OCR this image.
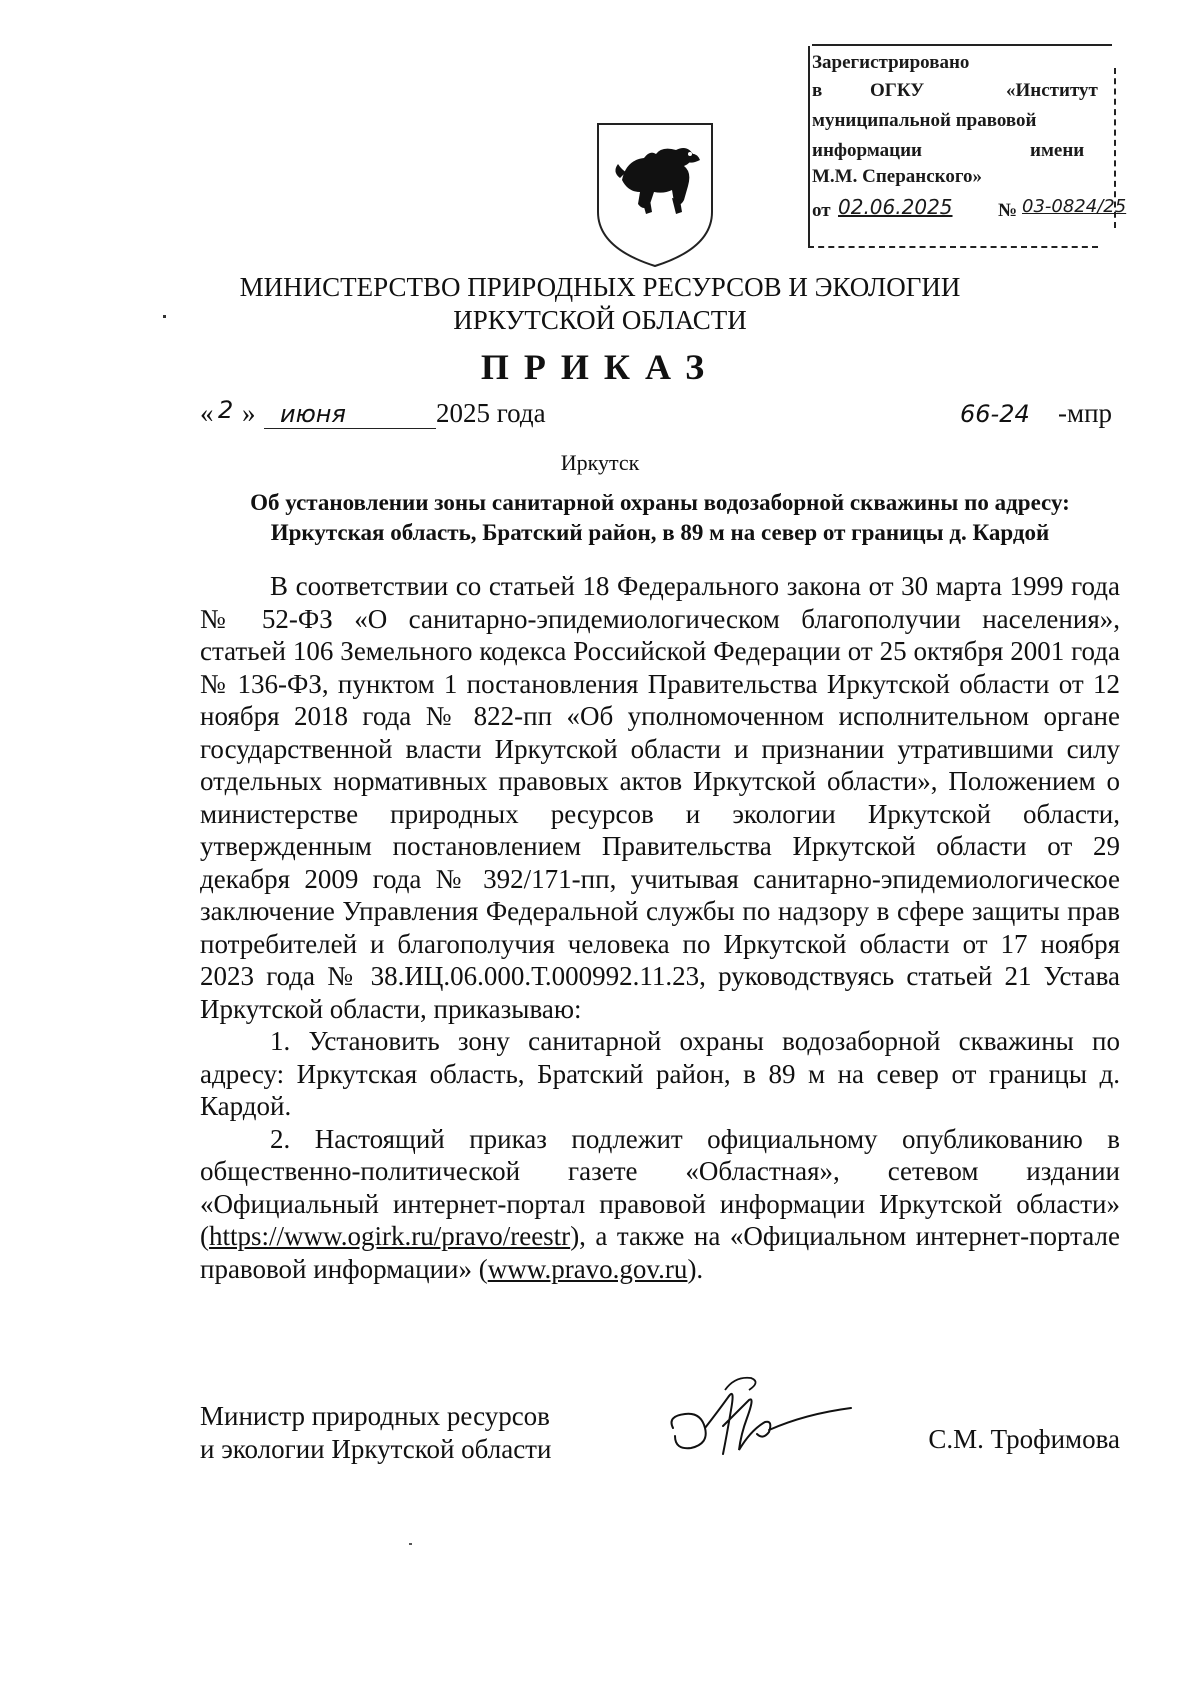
Зарегистрировано
в	ОГКУ	«Институт
муниципальной правовой
информации	имени
М.М. Сперанского»
от 02.06.2025 № 03-0824/25
МИНИСТЕРСТВО ПРИРОДНЫХ РЕСУРСОВ И ЭКОЛОГИИ
ИРКУТСКОЙ ОБЛАСТИ
ПРИКАЗ
« 2 » июня	2025 года	66-24 -мпр
Иркутск
Об установлении зоны санитарной охраны водозаборной скважины по адресу:
Иркутская область, Братский район, в 89 м на север от границы д. Кардой

В соответствии со статьей 18 Федерального закона от 30 марта 1999 года № 52-ФЗ «О санитарно-эпидемиологическом благополучии населения», статьей 106 Земельного кодекса Российской Федерации от 25 октября 2001 года № 136-ФЗ, пунктом 1 постановления Правительства Иркутской области от 12 ноября 2018 года № 822-пп «Об уполномоченном исполнительном органе государственной власти Иркутской области и признании утратившими силу отдельных нормативных правовых актов Иркутской области», Положением о министерстве природных ресурсов и экологии Иркутской области, утвержденным постановлением Правительства Иркутской области от 29 декабря 2009 года № 392/171-пп, учитывая санитарно-эпидемиологическое заключение Управления Федеральной службы по надзору в сфере защиты прав потребителей и благополучия человека по Иркутской области от 17 ноября 2023 года № 38.ИЦ.06.000.Т.000992.11.23, руководствуясь статьей 21 Устава Иркутской области, приказываю:

1. Установить зону санитарной охраны водозаборной скважины по адресу: Иркутская область, Братский район, в 89 м на север от границы д. Кардой.

2. Настоящий приказ подлежит официальному опубликованию в общественно-политической газете «Областная», сетевом издании «Официальный интернет-портал правовой информации Иркутской области» (https://www.ogirk.ru/pravo/reestr), а также на «Официальном интернет-портале правовой информации» (www.pravo.gov.ru).

Министр природных ресурсов
и экологии Иркутской области	С.М. Трофимова
